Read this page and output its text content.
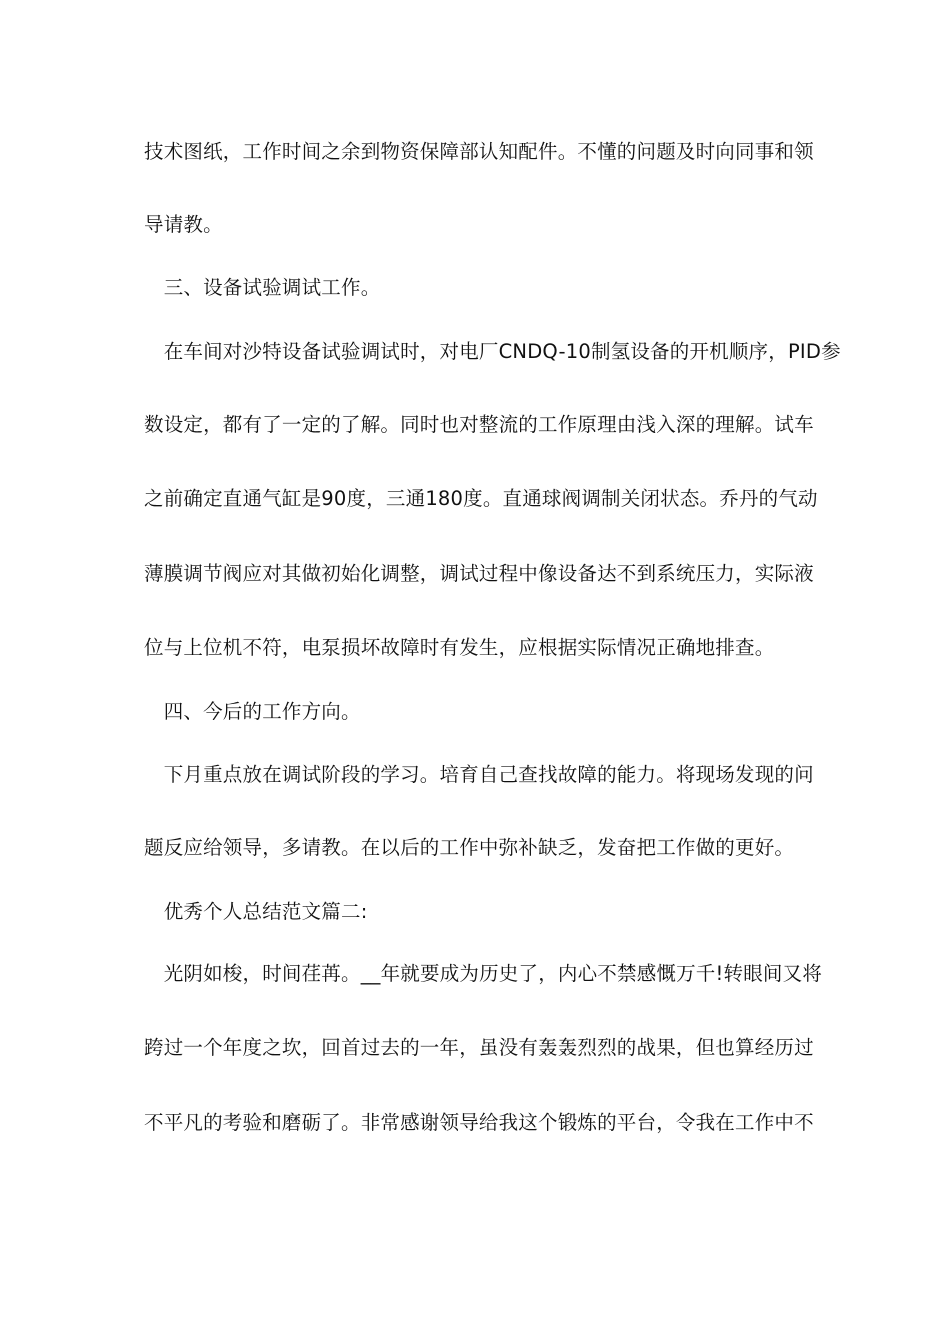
技术图纸，工作时间之余到物资保障部认知配件。不懂的问题及时向同事和领
导请教。
　三、设备试验调试工作。
　在车间对沙特设备试验调试时，对电厂CNDQ-10制氢设备的开机顺序，PID参
数设定，都有了一定的了解。同时也对整流的工作原理由浅入深的理解。试车
之前确定直通气缸是90度，三通180度。直通球阀调制关闭状态。乔丹的气动
薄膜调节阀应对其做初始化调整，调试过程中像设备达不到系统压力，实际液
位与上位机不符，电泵损坏故障时有发生，应根据实际情况正确地排查。
　四、今后的工作方向。
　下月重点放在调试阶段的学习。培育自己查找故障的能力。将现场发现的问
题反应给领导，多请教。在以后的工作中弥补缺乏，发奋把工作做的更好。
　优秀个人总结范文篇二:
　光阴如梭，时间荏苒。__年就要成为历史了，内心不禁感慨万千!转眼间又将
跨过一个年度之坎，回首过去的一年，虽没有轰轰烈烈的战果，但也算经历过
不平凡的考验和磨砺了。非常感谢领导给我这个锻炼的平台，令我在工作中不
